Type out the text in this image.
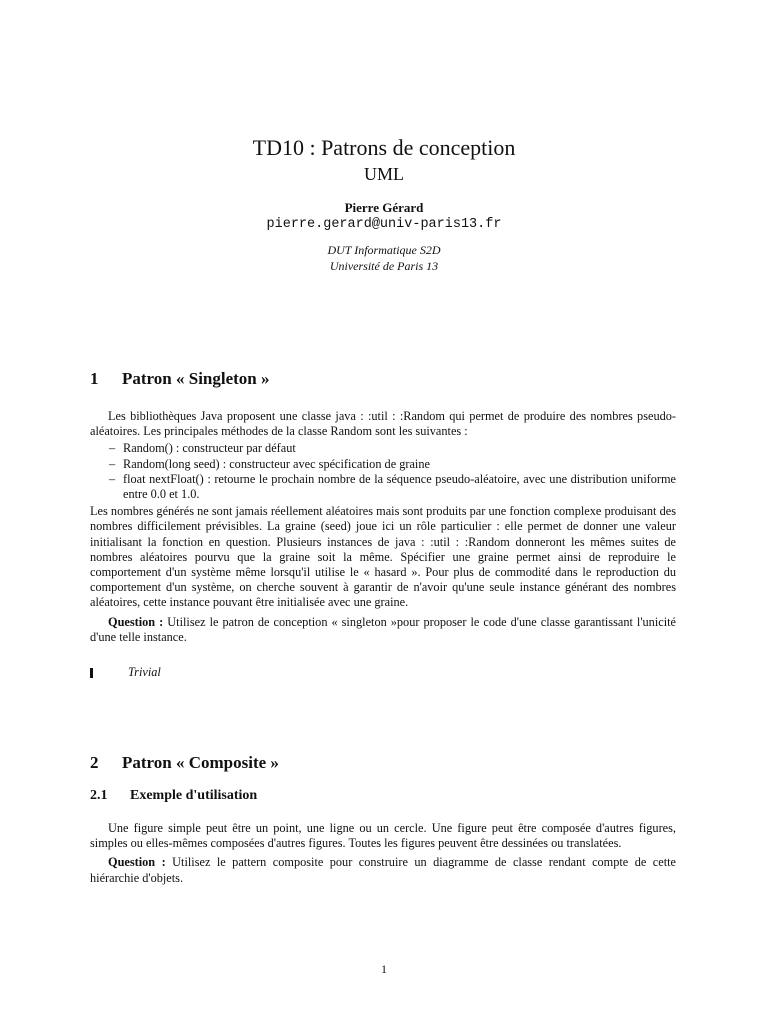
TD10 : Patrons de conception
UML
Pierre Gérard
pierre.gerard@univ-paris13.fr
DUT Informatique S2D
Université de Paris 13
1 Patron « Singleton »

Les bibliothèques Java proposent une classe java : :util : :Random qui permet de produire des nombres pseudo-aléatoires. Les principales méthodes de la classe Random sont les suivantes :

– Random() : constructeur par défaut
– Random(long seed) : constructeur avec spécification de graine
– float nextFloat() : retourne le prochain nombre de la séquence pseudo-aléatoire, avec une distribution uniforme entre 0.0 et 1.0.

Les nombres générés ne sont jamais réellement aléatoires mais sont produits par une fonction complexe produisant des nombres difficilement prévisibles. La graine (seed) joue ici un rôle particulier : elle permet de donner une valeur initialisant la fonction en question. Plusieurs instances de java : :util : :Random donneront les mêmes suites de nombres aléatoires pourvu que la graine soit la même. Spécifier une graine permet ainsi de reproduire le comportement d'un système même lorsqu'il utilise le « hasard ». Pour plus de commodité dans le reproduction du comportement d'un système, on cherche souvent à garantir de n'avoir qu'une seule instance générant des nombres aléatoires, cette instance pouvant être initialisée avec une graine.

Question : Utilisez le patron de conception « singleton »pour proposer le code d'une classe garantissant l'unicité d'une telle instance.

Trivial
2 Patron « Composite »
2.1 Exemple d'utilisation

Une figure simple peut être un point, une ligne ou un cercle. Une figure peut être composée d'autres figures, simples ou elles-mêmes composées d'autres figures. Toutes les figures peuvent être dessinées ou translatées.

Question : Utilisez le pattern composite pour construire un diagramme de classe rendant compte de cette hiérarchie d'objets.

1
